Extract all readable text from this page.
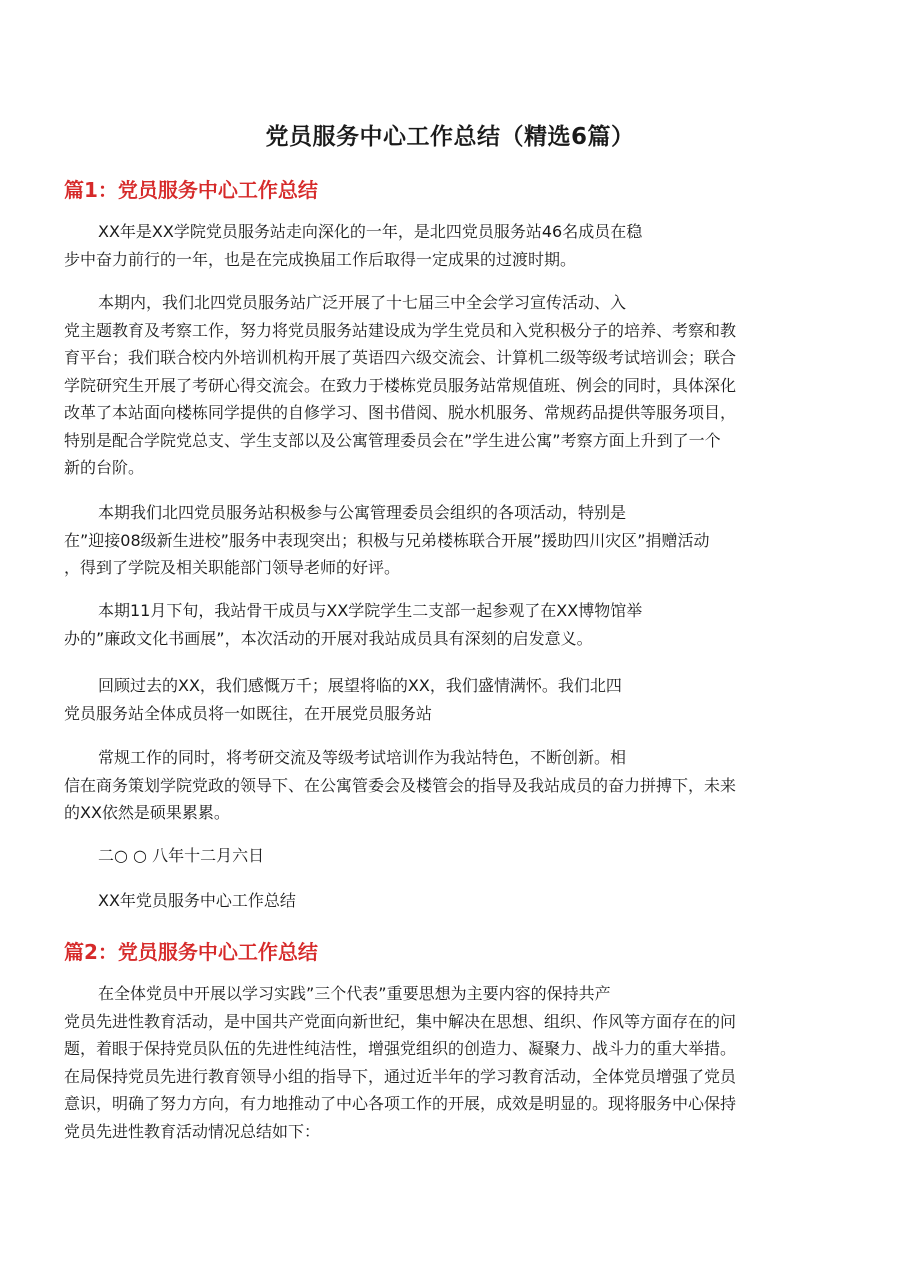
党员服务中心工作总结（精选6篇）
篇1：党员服务中心工作总结
XX年是XX学院党员服务站走向深化的一年，是北四党员服务站46名成员在稳
步中奋力前行的一年，也是在完成换届工作后取得一定成果的过渡时期。
本期内，我们北四党员服务站广泛开展了十七届三中全会学习宣传活动、入
党主题教育及考察工作，努力将党员服务站建设成为学生党员和入党积极分子的培养、考察和教
育平台；我们联合校内外培训机构开展了英语四六级交流会、计算机二级等级考试培训会；联合
学院研究生开展了考研心得交流会。在致力于楼栋党员服务站常规值班、例会的同时，具体深化
改革了本站面向楼栋同学提供的自修学习、图书借阅、脱水机服务、常规药品提供等服务项目，
特别是配合学院党总支、学生支部以及公寓管理委员会在”学生进公寓”考察方面上升到了一个
新的台阶。
本期我们北四党员服务站积极参与公寓管理委员会组织的各项活动，特别是
在”迎接08级新生进校”服务中表现突出；积极与兄弟楼栋联合开展”援助四川灾区”捐赠活动
，得到了学院及相关职能部门领导老师的好评。
本期11月下旬，我站骨干成员与XX学院学生二支部一起参观了在XX博物馆举
办的”廉政文化书画展”，本次活动的开展对我站成员具有深刻的启发意义。
回顾过去的XX，我们感慨万千；展望将临的XX，我们盛情满怀。我们北四
党员服务站全体成员将一如既往，在开展党员服务站
常规工作的同时，将考研交流及等级考试培训作为我站特色，不断创新。相
信在商务策划学院党政的领导下、在公寓管委会及楼管会的指导及我站成员的奋力拼搏下，未来
的XX依然是硕果累累。
二○ ○ 八年十二月六日
XX年党员服务中心工作总结
篇2：党员服务中心工作总结
在全体党员中开展以学习实践”三个代表”重要思想为主要内容的保持共产
党员先进性教育活动，是中国共产党面向新世纪，集中解决在思想、组织、作风等方面存在的问
题，着眼于保持党员队伍的先进性纯洁性，增强党组织的创造力、凝聚力、战斗力的重大举措。
在局保持党员先进行教育领导小组的指导下，通过近半年的学习教育活动，全体党员增强了党员
意识，明确了努力方向，有力地推动了中心各项工作的开展，成效是明显的。现将服务中心保持
党员先进性教育活动情况总结如下：
